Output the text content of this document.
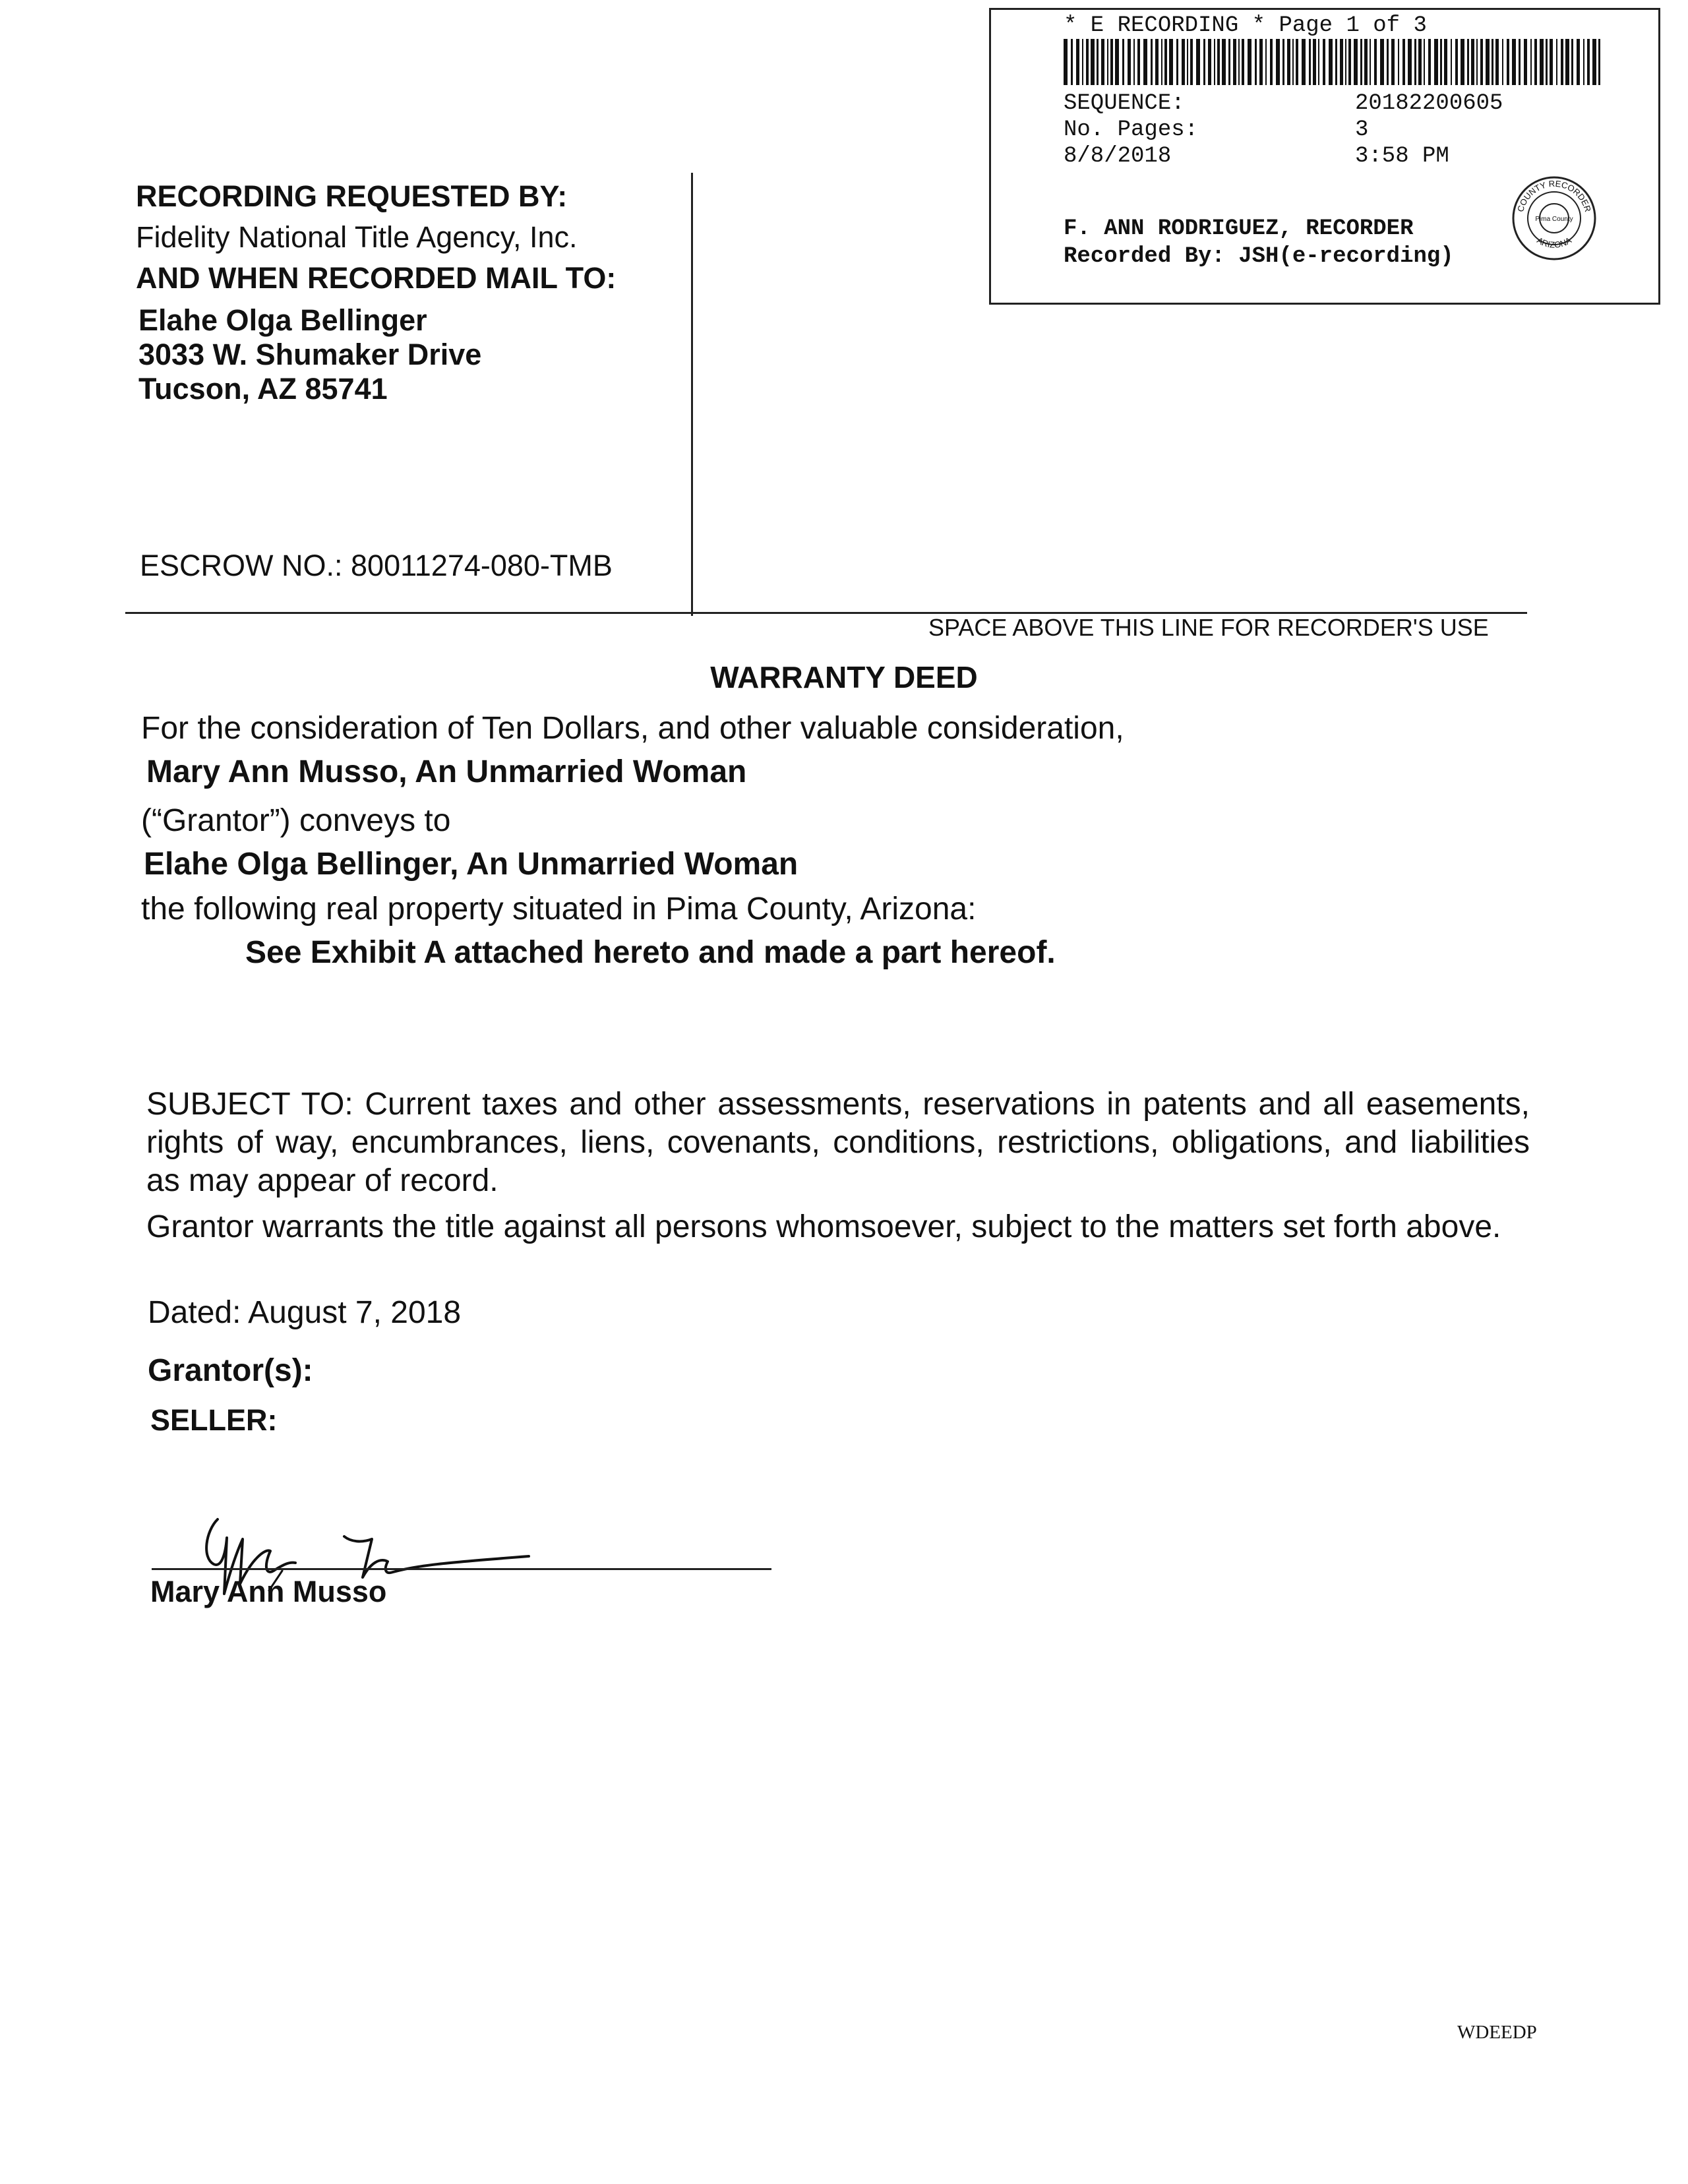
* E RECORDING * Page 1 of 3
SEQUENCE:	20182200605
No. Pages:	3
8/8/2018	3:58 PM
F. ANN RODRIGUEZ, RECORDER
Recorded By: JSH(e-recording)
COUNTY RECORDER
Pima County
ARIZONA
RECORDING REQUESTED BY:
Fidelity National Title Agency, Inc.
AND WHEN RECORDED MAIL TO:
Elahe Olga Bellinger
3033 W. Shumaker Drive
Tucson, AZ 85741
ESCROW NO.: 80011274-080-TMB
SPACE ABOVE THIS LINE FOR RECORDER'S USE
WARRANTY DEED
For the consideration of Ten Dollars, and other valuable consideration,
Mary Ann Musso, An Unmarried Woman
(“Grantor”) conveys to
Elahe Olga Bellinger, An Unmarried Woman
the following real property situated in Pima County, Arizona:
See Exhibit A attached hereto and made a part hereof.
SUBJECT TO: Current taxes and other assessments, reservations in patents and all easements, rights of way, encumbrances, liens, covenants, conditions, restrictions, obligations, and liabilities as may appear of record.
Grantor warrants the title against all persons whomsoever, subject to the matters set forth above.
Dated: August 7, 2018
Grantor(s):
SELLER:
Mary Ann Musso
WDEEDP
